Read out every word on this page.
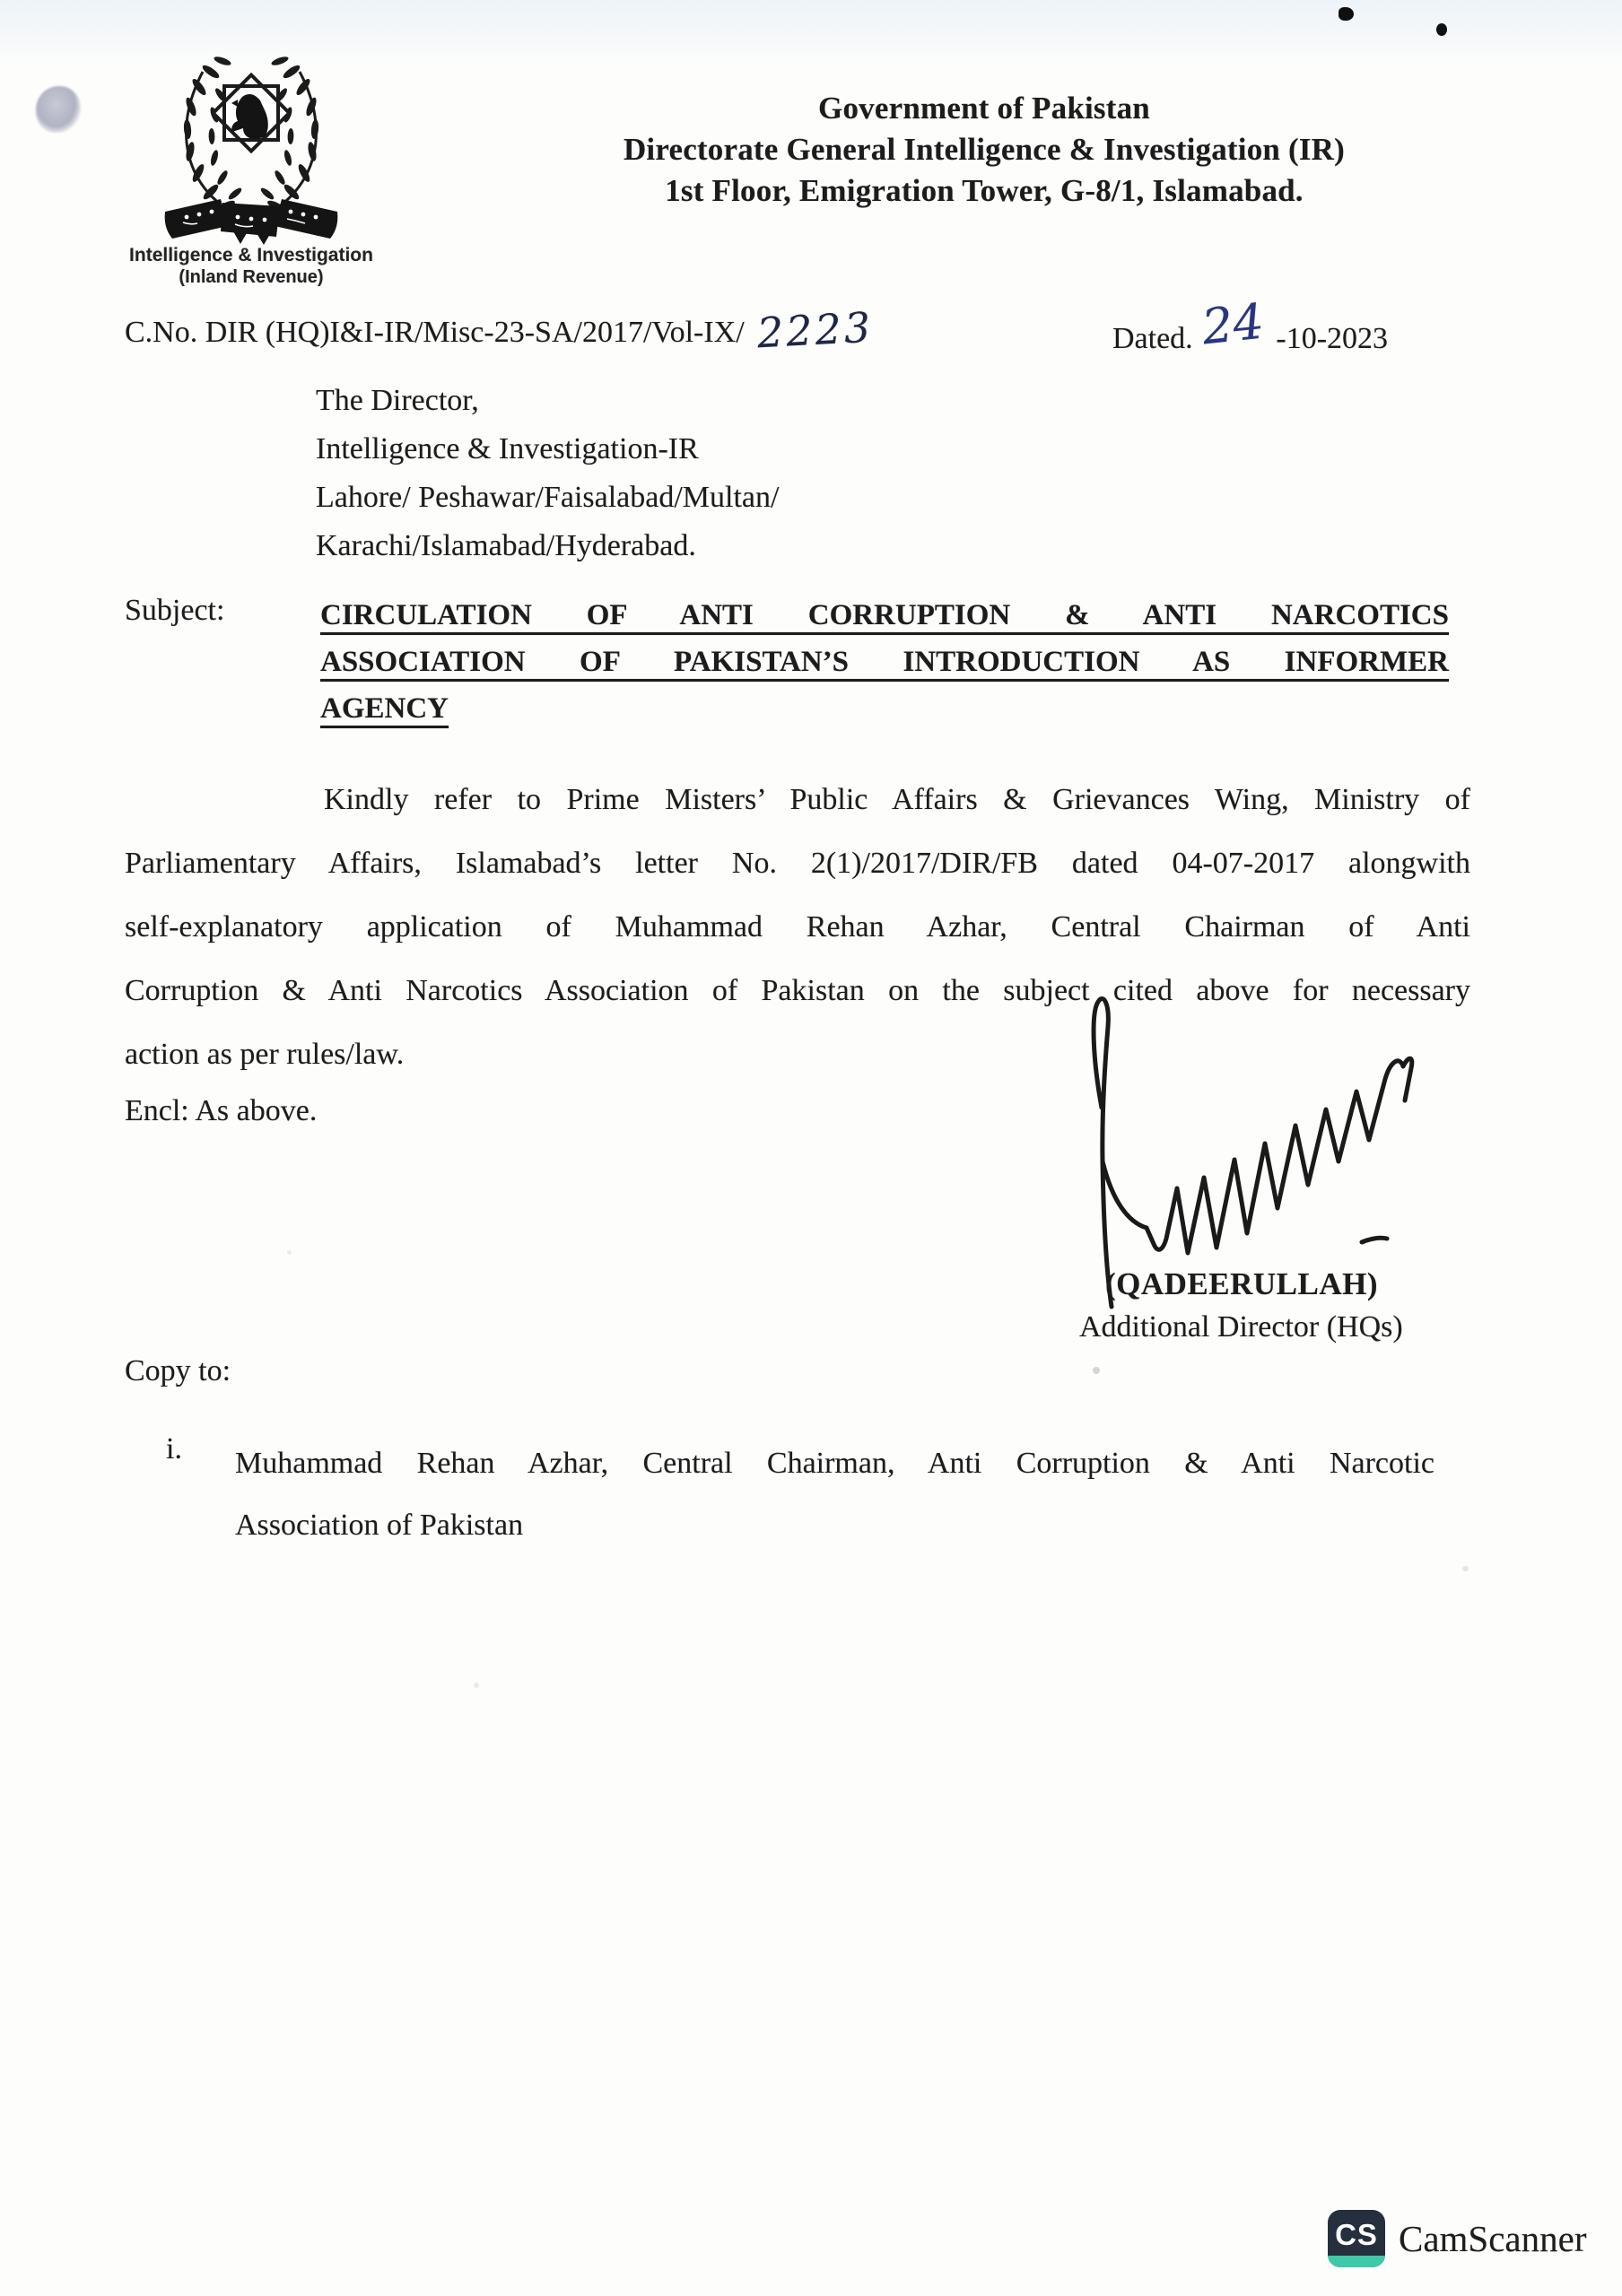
Intelligence & Investigation
(Inland Revenue)
Government of Pakistan
Directorate General Intelligence & Investigation (IR)
1st Floor, Emigration Tower, G-8/1, Islamabad.
C.No. DIR (HQ)I&I-IR/Misc-23-SA/2017/Vol-IX/ 2223	Dated. 24 -10-2023
The Director,
Intelligence & Investigation-IR
Lahore/ Peshawar/Faisalabad/Multan/
Karachi/Islamabad/Hyderabad.
Subject:	CIRCULATION OF ANTI CORRUPTION & ANTI NARCOTICS
ASSOCIATION OF PAKISTAN’S INTRODUCTION AS INFORMER
AGENCY
Kindly refer to Prime Misters’ Public Affairs & Grievances Wing, Ministry of
Parliamentary Affairs, Islamabad’s letter No. 2(1)/2017/DIR/FB dated 04-07-2017 alongwith
self-explanatory application of Muhammad Rehan Azhar, Central Chairman of Anti
Corruption & Anti Narcotics Association of Pakistan on the subject cited above for necessary
action as per rules/law.
Encl: As above.
(QADEERULLAH)
Additional Director (HQs)
Copy to:
i. Muhammad Rehan Azhar, Central Chairman, Anti Corruption & Anti Narcotic
Association of Pakistan
CS CamScanner
